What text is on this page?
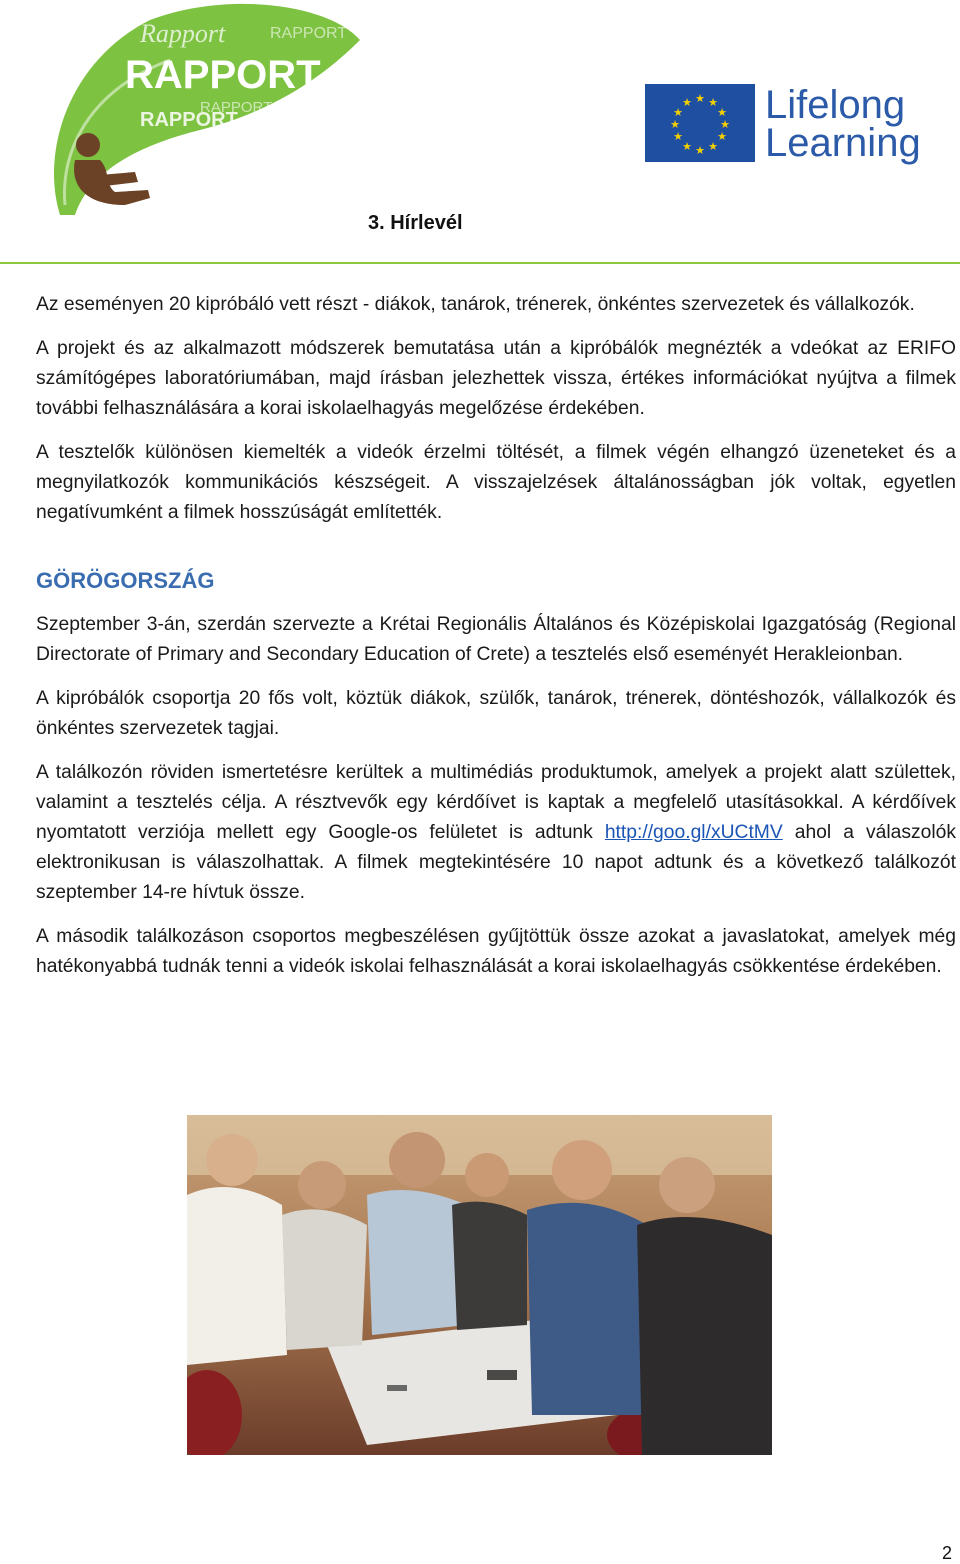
Rapport	RAPPORT
RAPPORT
RAPPORT
RAPPORT
★ ★
★
★
★
★
★
★
★
★
★
★ Lifelong
Learning
3. Hírlevél

Az eseményen 20 kipróbáló vett részt - diákok, tanárok, trénerek, önkéntes szervezetek és vállalkozók.

A projekt és az alkalmazott módszerek bemutatása után a kipróbálók megnézték a vdeókat az ERIFO számítógépes laboratóriumában, majd írásban jelezhettek vissza, értékes információkat nyújtva a filmek további felhasználására a korai iskolaelhagyás megelőzése érdekében.

A tesztelők különösen kiemelték a videók érzelmi töltését, a filmek végén elhangzó üzeneteket és a megnyilatkozók kommunikációs készségeit. A visszajelzések általánosságban jók voltak, egyetlen negatívumként a filmek hosszúságát említették.

GÖRÖGORSZÁG

Szeptember 3-án, szerdán szervezte a Krétai Regionális Általános és Középiskolai Igazgatóság (Regional Directorate of Primary and Secondary Education of Crete) a tesztelés első eseményét Herakleionban.

A kipróbálók csoportja 20 fős volt, köztük diákok, szülők, tanárok, trénerek, döntéshozók, vállalkozók és önkéntes szervezetek tagjai.

A találkozón röviden ismertetésre kerültek a multimédiás produktumok, amelyek a projekt alatt születtek, valamint a tesztelés célja. A résztvevők egy kérdőívet is kaptak a megfelelő utasításokkal. A kérdőívek nyomtatott verziója mellett egy Google-os felületet is adtunk http://goo.gl/xUCtMV ahol a válaszolók elektronikusan is válaszolhattak. A filmek megtekintésére 10 napot adtunk és a következő találkozót szeptember 14-re hívtuk össze.

A második találkozáson csoportos megbeszélésen gyűjtöttük össze azokat a javaslatokat, amelyek még hatékonyabbá tudnák tenni a videók iskolai felhasználását a korai iskolaelhagyás csökkentése érdekében.

2
